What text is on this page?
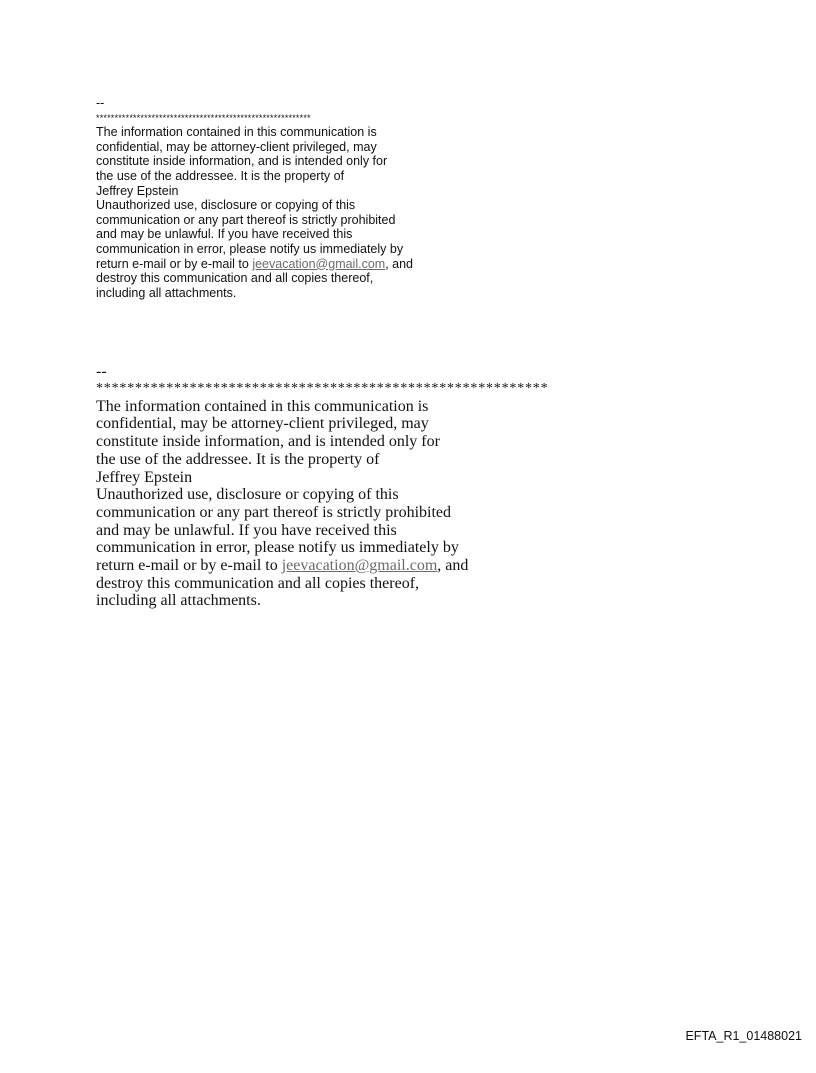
--
**********************************************************
The information contained in this communication is
confidential, may be attorney-client privileged, may
constitute inside information, and is intended only for
the use of the addressee. It is the property of
Jeffrey Epstein
Unauthorized use, disclosure or copying of this
communication or any part thereof is strictly prohibited
and may be unlawful. If you have received this
communication in error, please notify us immediately by
return e-mail or by e-mail to jeevacation@gmail.com, and
destroy this communication and all copies thereof,
including all attachments.
--
**********************************************************
The information contained in this communication is
confidential, may be attorney-client privileged, may
constitute inside information, and is intended only for
the use of the addressee. It is the property of
Jeffrey Epstein
Unauthorized use, disclosure or copying of this
communication or any part thereof is strictly prohibited
and may be unlawful. If you have received this
communication in error, please notify us immediately by
return e-mail or by e-mail to jeevacation@gmail.com, and
destroy this communication and all copies thereof,
including all attachments.
EFTA_R1_01488021
